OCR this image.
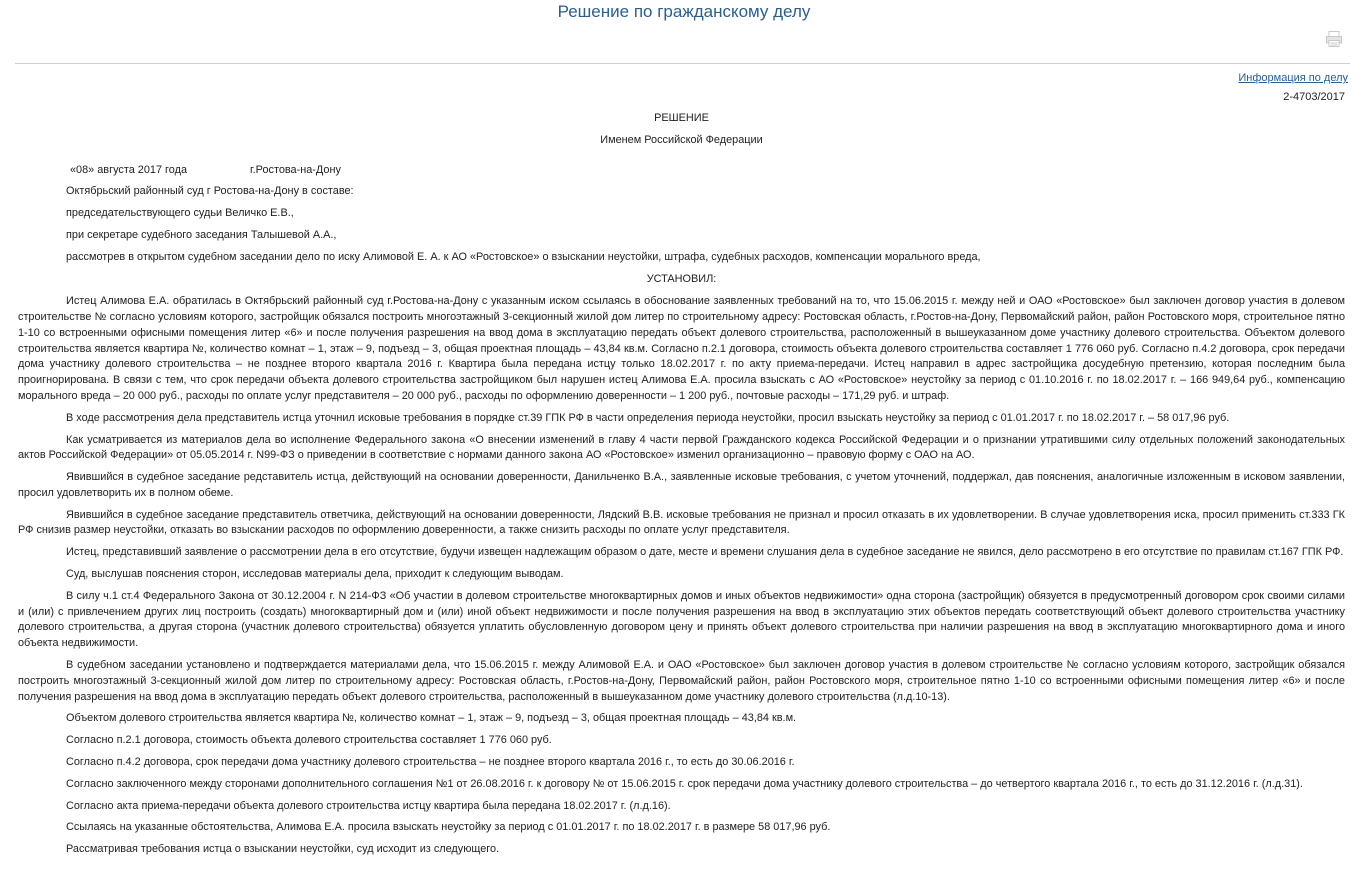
Решение по гражданскому делу
Информация по делу
2-4703/2017
РЕШЕНИЕ
Именем Российской Федерации
«08» августа 2017 года	г.Ростова-на-Дону
Октябрьский районный суд г Ростова-на-Дону в составе:
председательствующего судьи Величко Е.В.,
при секретаре судебного заседания Талышевой А.А.,
рассмотрев в открытом судебном заседании дело по иску Алимовой Е. А. к АО «Ростовское» о взыскании неустойки, штрафа, судебных расходов, компенсации морального вреда,
УСТАНОВИЛ:

Истец Алимова Е.А. обратилась в Октябрьский районный суд г.Ростова-на-Дону с указанным иском ссылаясь в обоснование заявленных требований на то, что 15.06.2015 г. между ней и ОАО «Ростовское» был заключен договор участия в долевом строительстве № согласно условиям которого, застройщик обязался построить многоэтажный 3-секционный жилой дом литер по строительному адресу: Ростовская область, г.Ростов-на-Дону, Первомайский район, район Ростовского моря, строительное пятно 1-10 со встроенными офисными помещения литер «6» и после получения разрешения на ввод дома в эксплуатацию передать объект долевого строительства, расположенный в вышеуказанном доме участнику долевого строительства. Объектом долевого строительства является квартира №, количество комнат – 1, этаж – 9, подъезд – 3, общая проектная площадь – 43,84 кв.м. Согласно п.2.1 договора, стоимость объекта долевого строительства составляет 1 776 060 руб. Согласно п.4.2 договора, срок передачи дома участнику долевого строительства – не позднее второго квартала 2016 г. Квартира была передана истцу только 18.02.2017 г. по акту приема-передачи. Истец направил в адрес застройщика досудебную претензию, которая последним была проигнорирована. В связи с тем, что срок передачи объекта долевого строительства застройщиком был нарушен истец Алимова Е.А. просила взыскать с АО «Ростовское» неустойку за период с 01.10.2016 г. по 18.02.2017 г. – 166 949,64 руб., компенсацию морального вреда – 20 000 руб., расходы по оплате услуг представителя – 20 000 руб., расходы по оформлению доверенности – 1 200 руб., почтовые расходы – 171,29 руб. и штраф.

В ходе рассмотрения дела представитель истца уточнил исковые требования в порядке ст.39 ГПК РФ в части определения периода неустойки, просил взыскать неустойку за период с 01.01.2017 г. по 18.02.2017 г. – 58 017,96 руб.

Как усматривается из материалов дела во исполнение Федерального закона «О внесении изменений в главу 4 части первой Гражданского кодекса Российской Федерации и о признании утратившими силу отдельных положений законодательных актов Российской Федерации» от 05.05.2014 г. N99-ФЗ о приведении в соответствие с нормами данного закона АО «Ростовское» изменил организационно – правовую форму с ОАО на АО.

Явившийся в судебное заседание редставитель истца, действующий на основании доверенности, Данильченко В.А., заявленные исковые требования, с учетом уточнений, поддержал, дав пояснения, аналогичные изложенным в исковом заявлении, просил удовлетворить их в полном обеме.

Явившийся в судебное заседание представитель ответчика, действующий на основании доверенности, Лядский В.В. исковые требования не признал и просил отказать в их удовлетворении. В случае удовлетворения иска, просил применить ст.333 ГК РФ снизив размер неустойки, отказать во взыскании расходов по оформлению доверенности, а также снизить расходы по оплате услуг представителя.

Истец, представивший заявление о рассмотрении дела в его отсутствие, будучи извещен надлежащим образом о дате, месте и времени слушания дела в судебное заседание не явился, дело рассмотрено в его отсутствие по правилам ст.167 ГПК РФ.

Суд, выслушав пояснения сторон, исследовав материалы дела, приходит к следующим выводам.

В силу ч.1 ст.4 Федерального Закона от 30.12.2004 г. N 214-ФЗ «Об участии в долевом строительстве многоквартирных домов и иных объектов недвижимости» одна сторона (застройщик) обязуется в предусмотренный договором срок своими силами и (или) с привлечением других лиц построить (создать) многоквартирный дом и (или) иной объект недвижимости и после получения разрешения на ввод в эксплуатацию этих объектов передать соответствующий объект долевого строительства участнику долевого строительства, а другая сторона (участник долевого строительства) обязуется уплатить обусловленную договором цену и принять объект долевого строительства при наличии разрешения на ввод в эксплуатацию многоквартирного дома и иного объекта недвижимости.

В судебном заседании установлено и подтверждается материалами дела, что 15.06.2015 г. между Алимовой Е.А. и ОАО «Ростовское» был заключен договор участия в долевом строительстве № согласно условиям которого, застройщик обязался построить многоэтажный 3-секционный жилой дом литер по строительному адресу: Ростовская область, г.Ростов-на-Дону, Первомайский район, район Ростовского моря, строительное пятно 1-10 со встроенными офисными помещения литер «6» и после получения разрешения на ввод дома в эксплуатацию передать объект долевого строительства, расположенный в вышеуказанном доме участнику долевого строительства (л.д.10-13).

Объектом долевого строительства является квартира №, количество комнат – 1, этаж – 9, подъезд – 3, общая проектная площадь – 43,84 кв.м.

Согласно п.2.1 договора, стоимость объекта долевого строительства составляет 1 776 060 руб.

Согласно п.4.2 договора, срок передачи дома участнику долевого строительства – не позднее второго квартала 2016 г., то есть до 30.06.2016 г.

Согласно заключенного между сторонами дополнительного соглашения №1 от 26.08.2016 г. к договору № от 15.06.2015 г. срок передачи дома участнику долевого строительства – до четвертого квартала 2016 г., то есть до 31.12.2016 г. (л.д.31).

Согласно акта приема-передачи объекта долевого строительства истцу квартира была передана 18.02.2017 г. (л.д.16).

Ссылаясь на указанные обстоятельства, Алимова Е.А. просила взыскать неустойку за период с 01.01.2017 г. по 18.02.2017 г. в размере 58 017,96 руб.

Рассматривая требования истца о взыскании неустойки, суд исходит из следующего.
